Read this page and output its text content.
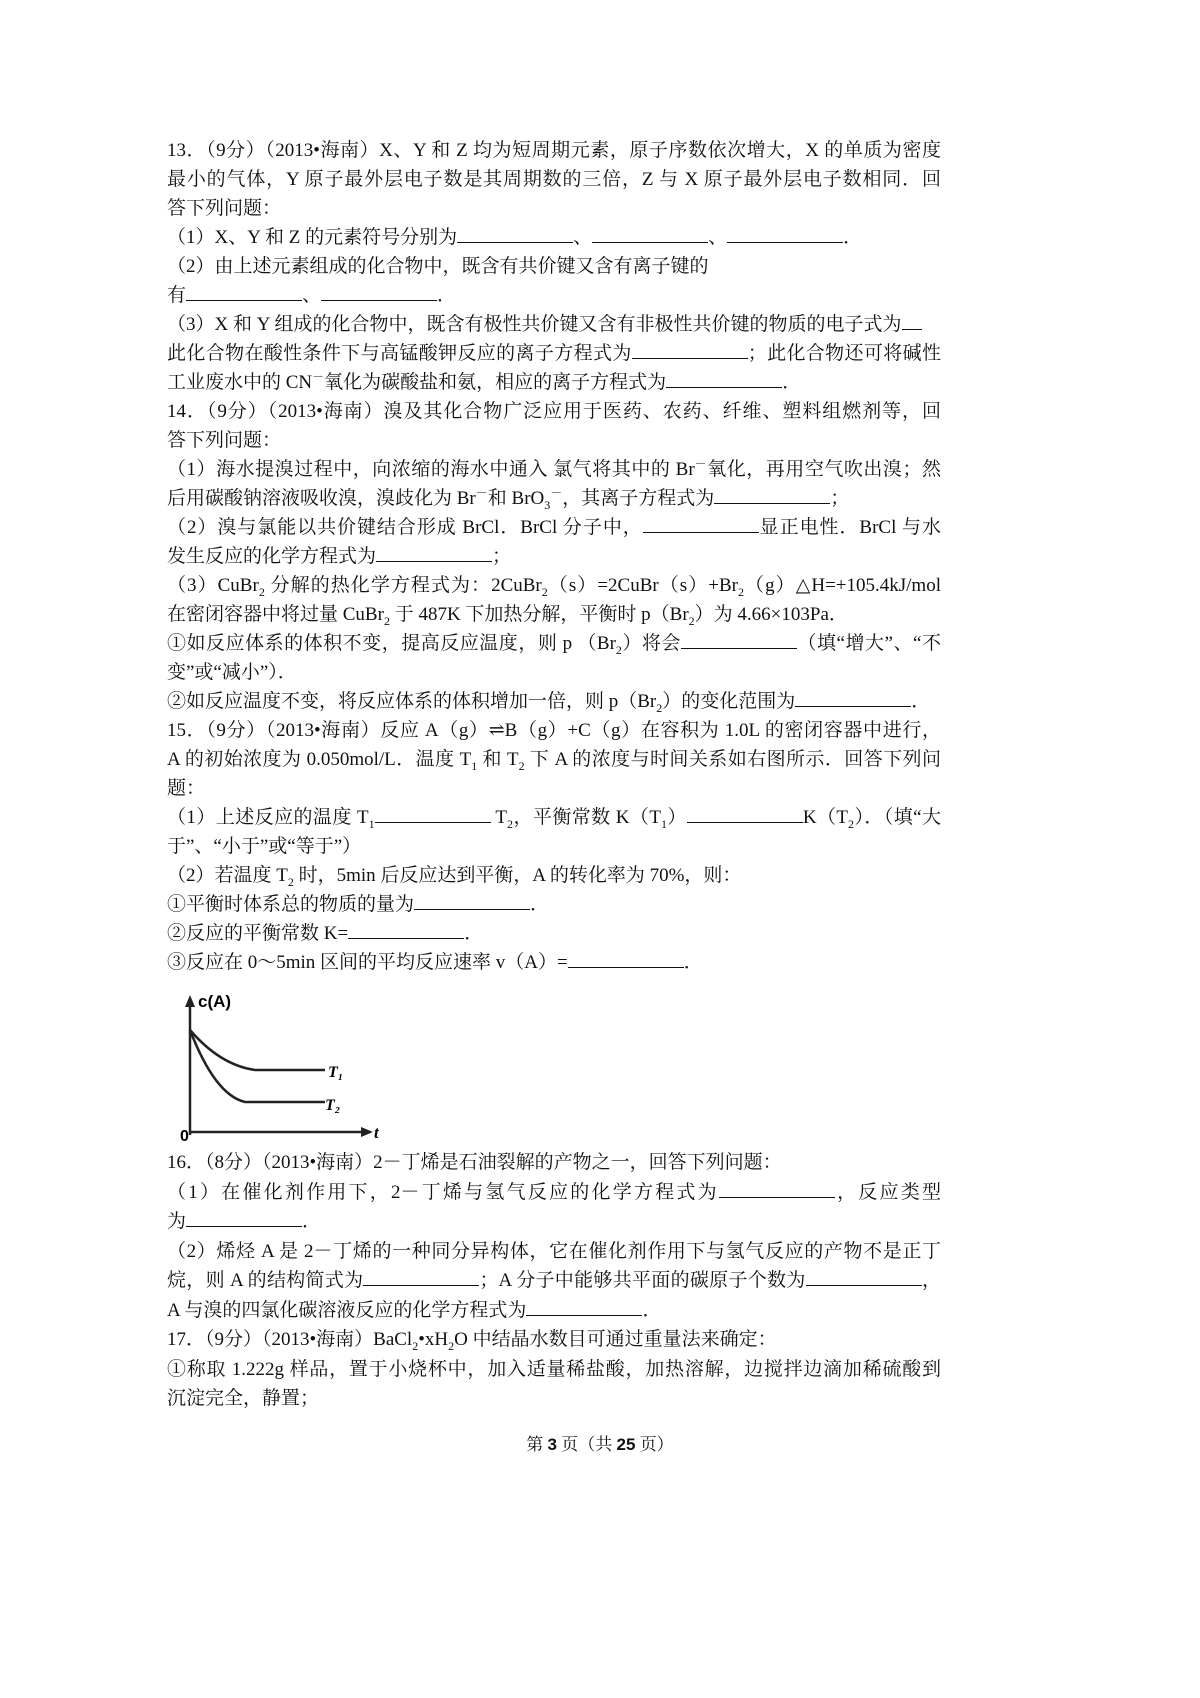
13．（9分）（2013•海南）X、Y 和 Z 均为短周期元素，原子序数依次增大，X 的单质为密度
最小的气体，Y 原子最外层电子数是其周期数的三倍，Z 与 X 原子最外层电子数相同．回
答下列问题：
（1）X、Y 和 Z 的元素符号分别为	、	、	．
（2）由上述元素组成的化合物中，既含有共价键又含有离子键的
有	、	．
（3）X 和 Y 组成的化合物中，既含有极性共价键又含有非极性共价键的物质的电子式为
此化合物在酸性条件下与高锰酸钾反应的离子方程式为	；此化合物还可将碱性
工业废水中的 CN－氧化为碳酸盐和氨，相应的离子方程式为	．
14．（9分）（2013•海南）溴及其化合物广泛应用于医药、农药、纤维、塑料组燃剂等，回
答下列问题：
（1）海水提溴过程中，向浓缩的海水中通入 氯气将其中的 Br－氧化，再用空气吹出溴；然
后用碳酸钠溶液吸收溴，溴歧化为 Br－和 BrO$_3$－，其离子方程式为	；
（2）溴与氯能以共价键结合形成 BrCl．BrCl 分子中，	显正电性．BrCl 与水
发生反应的化学方程式为	；
（3）CuBr$_2$ 分解的热化学方程式为：$2CuBr_2(s)=2CuBr(s)+Br_2(g)\triangle H=+105.4kJ$/mol
在密闭容器中将过量 CuBr$_2$ 于 487K 下加热分解，平衡时 $p(Br_2)$为 4.66×103Pa．
①如反应体系的体积不变，提高反应温度，则 p $(Br_2)$将会	（填“增大”、“不
变”或“减小”）．
②如反应温度不变，将反应体系的体积增加一倍，则 $p(Br_2)$的变化范围为	．
15．（9分）（2013•海南）反应 A（g）⇌B（g）+C（g）在容积为 1.0L 的密闭容器中进行，
A 的初始浓度为 0.050mol/L．温度 $T_1$ 和 $T_2$ 下 A 的浓度与时间关系如右图所示．回答下列问
题：
（1）上述反应的温度 $T_1$	$T_2$，平衡常数 $K(T_1)$	$K(T_2)$．（填“大
于”、“小于”或“等于”）
（2）若温度 $T_2$ 时，5min 后反应达到平衡，A 的转化率为 70%，则：
①平衡时体系总的物质的量为	．
②反应的平衡常数 K=	．
③反应在 0～5min 区间的平均反应速率 v（A）=	．
c(A)
t
0
T₁
T₂
16．（8分）（2013•海南）2－丁烯是石油裂解的产物之一，回答下列问题：
（1）在催化剂作用下，2－丁烯与氢气反应的化学方程式为	，反应类型
为	．
（2）烯烃 A 是 2－丁烯的一种同分异构体，它在催化剂作用下与氢气反应的产物不是正丁
烷，则 A 的结构简式为	；A 分子中能够共平面的碳原子个数为	，
A 与溴的四氯化碳溶液反应的化学方程式为	．
17．（9分）（2013•海南）$BaCl_2•xH_2O$ 中结晶水数目可通过重量法来确定：
①称取 1.222g 样品，置于小烧杯中，加入适量稀盐酸，加热溶解，边搅拌边滴加稀硫酸到
沉淀完全，静置；
第 3 页（共 25 页）
